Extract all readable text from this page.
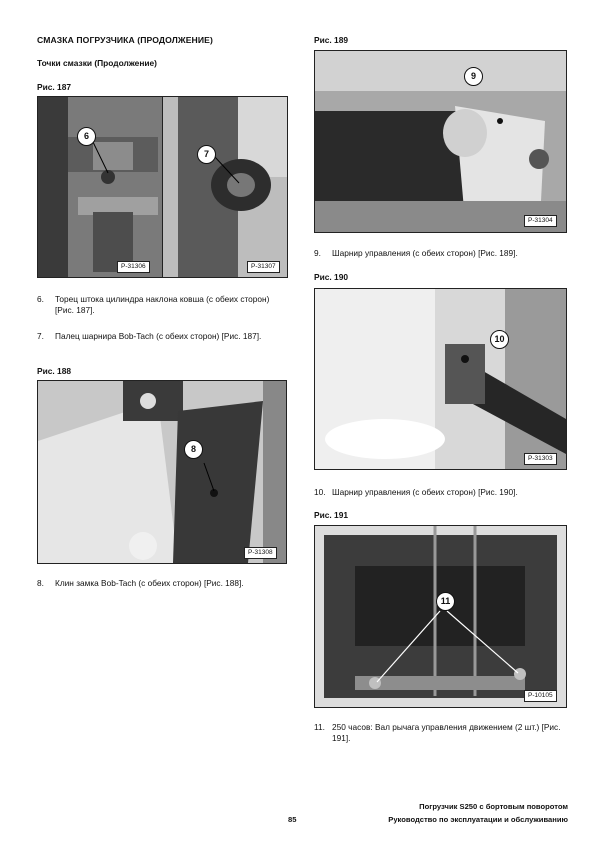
СМАЗКА ПОГРУЗЧИКА (ПРОДОЛЖЕНИЕ)
Точки смазки (Продолжение)
Рис. 187
6
7
P-31306	P-31307
6. Торец штока цилиндра наклона ковша (с обеих сторон) [Рис. 187].
7. Палец шарнира Bob-Tach (с обеих сторон) [Рис. 187].
Рис. 188
8
P-31308
8. Клин замка Bob-Tach (с обеих сторон) [Рис. 188].
Рис. 189
9
P-31304
9. Шарнир управления (с обеих сторон) [Рис. 189].
Рис. 190
10
P-31303
10. Шарнир управления (с обеих сторон) [Рис. 190].
Рис. 191
11
P-10105
11. 250 часов: Вал рычага управления движением (2 шт.) [Рис. 191].
Погрузчик S250 с бортовым поворотом
Руководство по эксплуатации и обслуживанию
85
